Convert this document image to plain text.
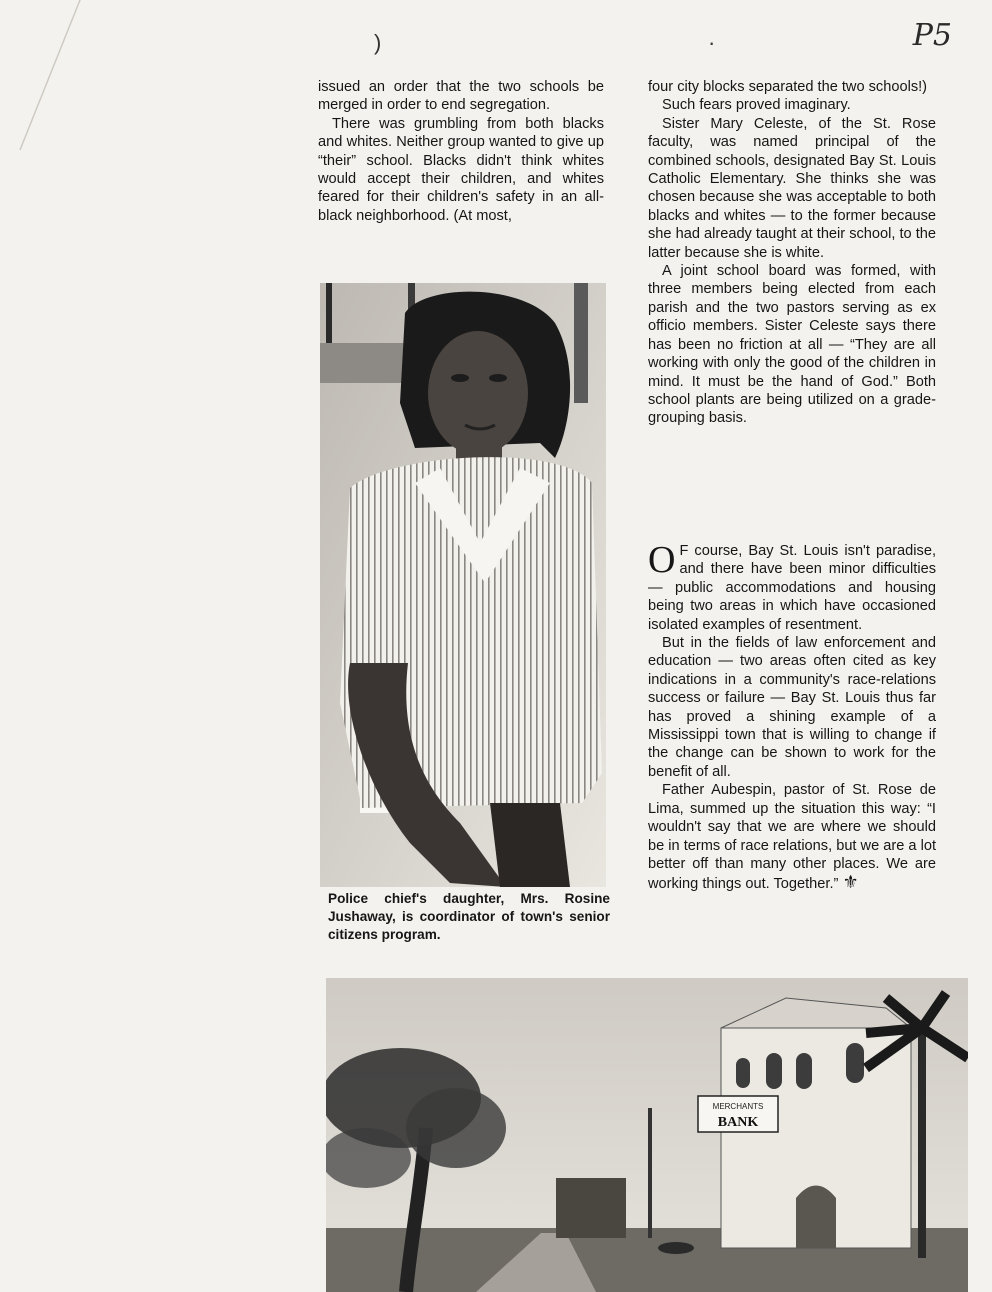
)	·	P5

issued an order that the two schools be merged in order to end segregation.

There was grumbling from both blacks and whites. Neither group wanted to give up “their” school. Blacks didn't think whites would accept their children, and whites feared for their children's safety in an all-black neighborhood. (At most,

Police chief's daughter, Mrs. Rosine Jushaway, is coordinator of town's senior citizens program.

four city blocks separated the two schools!)

Such fears proved imaginary.

Sister Mary Celeste, of the St. Rose faculty, was named principal of the combined schools, designated Bay St. Louis Catholic Elementary. She thinks she was chosen because she was acceptable to both blacks and whites — to the former because she had already taught at their school, to the latter because she is white.

A joint school board was formed, with three members being elected from each parish and the two pastors serving as ex officio members. Sister Celeste says there has been no friction at all — “They are all working with only the good of the children in mind. It must be the hand of God.” Both school plants are being utilized on a grade-grouping basis.

O F course, Bay St. Louis isn't paradise, and there have been minor difficulties — public accommodations and housing being two areas in which have occasioned isolated examples of resentment.

But in the fields of law enforcement and education — two areas often cited as key indications in a community's race-relations success or failure — Bay St. Louis thus far has proved a shining example of a Mississippi town that is willing to change if the change can be shown to work for the benefit of all.

Father Aubespin, pastor of St. Rose de Lima, summed up the situation this way: “I wouldn't say that we are where we should be in terms of race relations, but we are a lot better off than many other places. We are working things out. Together.” ⚜

MERCHANTS
BANK
